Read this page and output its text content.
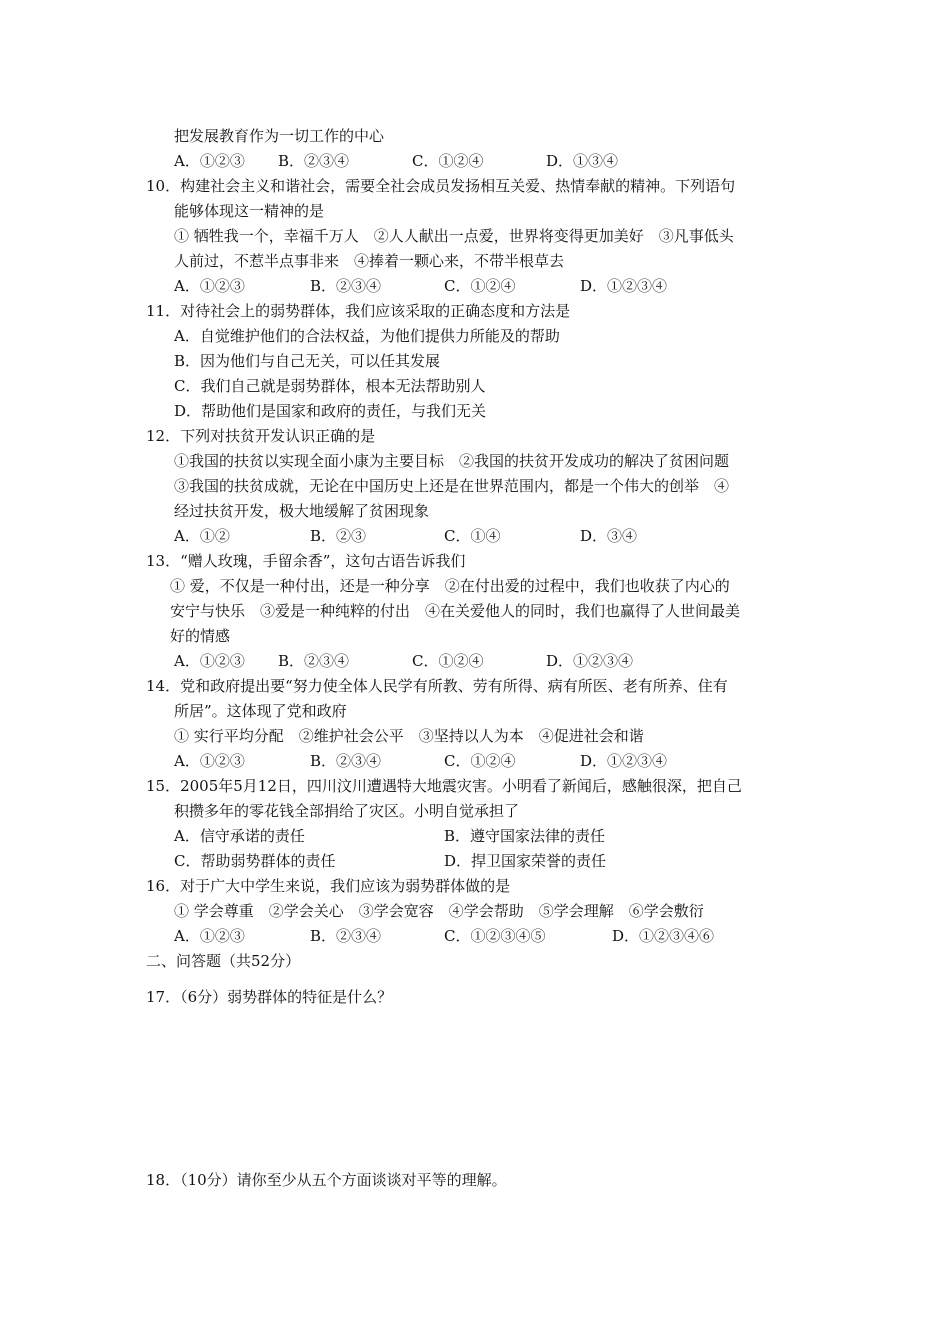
把发展教育作为一切工作的中心
A．①②③ B．②③④	C．①②④	D．①③④
10．构建社会主义和谐社会，需要全社会成员发扬相互关爱、热情奉献的精神。下列语句
能够体现这一精神的是
① 牺牲我一个，幸福千万人　②人人献出一点爱，世界将变得更加美好　③凡事低头
人前过，不惹半点事非来　④捧着一颗心来，不带半根草去
A．①②③	B．②③④	C．①②④	D．①②③④
11．对待社会上的弱势群体，我们应该采取的正确态度和方法是
A．自觉维护他们的合法权益，为他们提供力所能及的帮助
B．因为他们与自己无关，可以任其发展
C．我们自己就是弱势群体，根本无法帮助别人
D．帮助他们是国家和政府的责任，与我们无关
12．下列对扶贫开发认识正确的是
①我国的扶贫以实现全面小康为主要目标　②我国的扶贫开发成功的解决了贫困问题
③我国的扶贫成就，无论在中国历史上还是在世界范围内，都是一个伟大的创举　④
经过扶贫开发，极大地缓解了贫困现象
A．①②	B．②③	C．①④	D．③④
13．“赠人玫瑰，手留余香”，这句古语告诉我们
① 爱，不仅是一种付出，还是一种分享　②在付出爱的过程中，我们也收获了内心的
安宁与快乐　③爱是一种纯粹的付出　④在关爱他人的同时，我们也赢得了人世间最美
好的情感
A．①②③ B．②③④	C．①②④	D．①②③④
14．党和政府提出要“努力使全体人民学有所教、劳有所得、病有所医、老有所养、住有
所居”。这体现了党和政府
① 实行平均分配　②维护社会公平　③坚持以人为本　④促进社会和谐
A．①②③	B．②③④	C．①②④	D．①②③④
15．2005年5月12日，四川汶川遭遇特大地震灾害。小明看了新闻后，感触很深，把自己
积攒多年的零花钱全部捐给了灾区。小明自觉承担了
A．信守承诺的责任	B．遵守国家法律的责任
C．帮助弱势群体的责任	D．捍卫国家荣誉的责任
16．对于广大中学生来说，我们应该为弱势群体做的是
① 学会尊重　②学会关心　③学会宽容　④学会帮助　⑤学会理解　⑥学会敷衍
A．①②③	B．②③④	C．①②③④⑤	D．①②③④⑥
二、问答题（共52分）
17．（6分）弱势群体的特征是什么？
18．（10分）请你至少从五个方面谈谈对平等的理解。
